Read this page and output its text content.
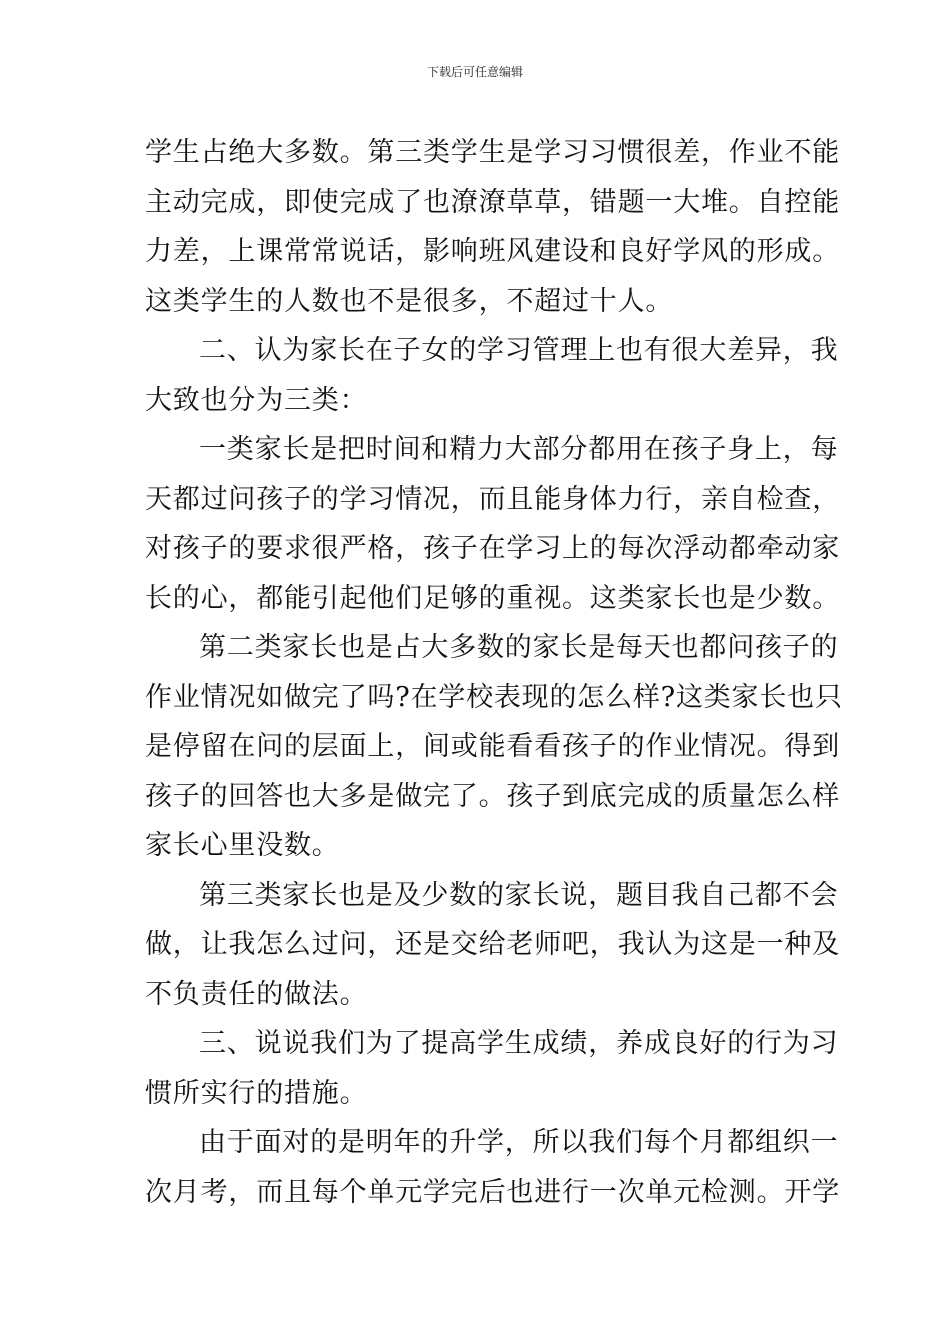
下载后可任意编辑
学生占绝大多数。第三类学生是学习习惯很差，作业不能
主动完成，即使完成了也潦潦草草，错题一大堆。自控能
力差，上课常常说话，影响班风建设和良好学风的形成。
这类学生的人数也不是很多，不超过十人。
二、认为家长在子女的学习管理上也有很大差异，我
大致也分为三类：
一类家长是把时间和精力大部分都用在孩子身上，每
天都过问孩子的学习情况，而且能身体力行，亲自检查，
对孩子的要求很严格，孩子在学习上的每次浮动都牵动家
长的心，都能引起他们足够的重视。这类家长也是少数。
第二类家长也是占大多数的家长是每天也都问孩子的
作业情况如做完了吗?在学校表现的怎么样?这类家长也只
是停留在问的层面上，间或能看看孩子的作业情况。得到
孩子的回答也大多是做完了。孩子到底完成的质量怎么样
家长心里没数。
第三类家长也是及少数的家长说，题目我自己都不会
做，让我怎么过问，还是交给老师吧，我认为这是一种及
不负责任的做法。
三、说说我们为了提高学生成绩，养成良好的行为习
惯所实行的措施。
由于面对的是明年的升学，所以我们每个月都组织一
次月考，而且每个单元学完后也进行一次单元检测。开学
